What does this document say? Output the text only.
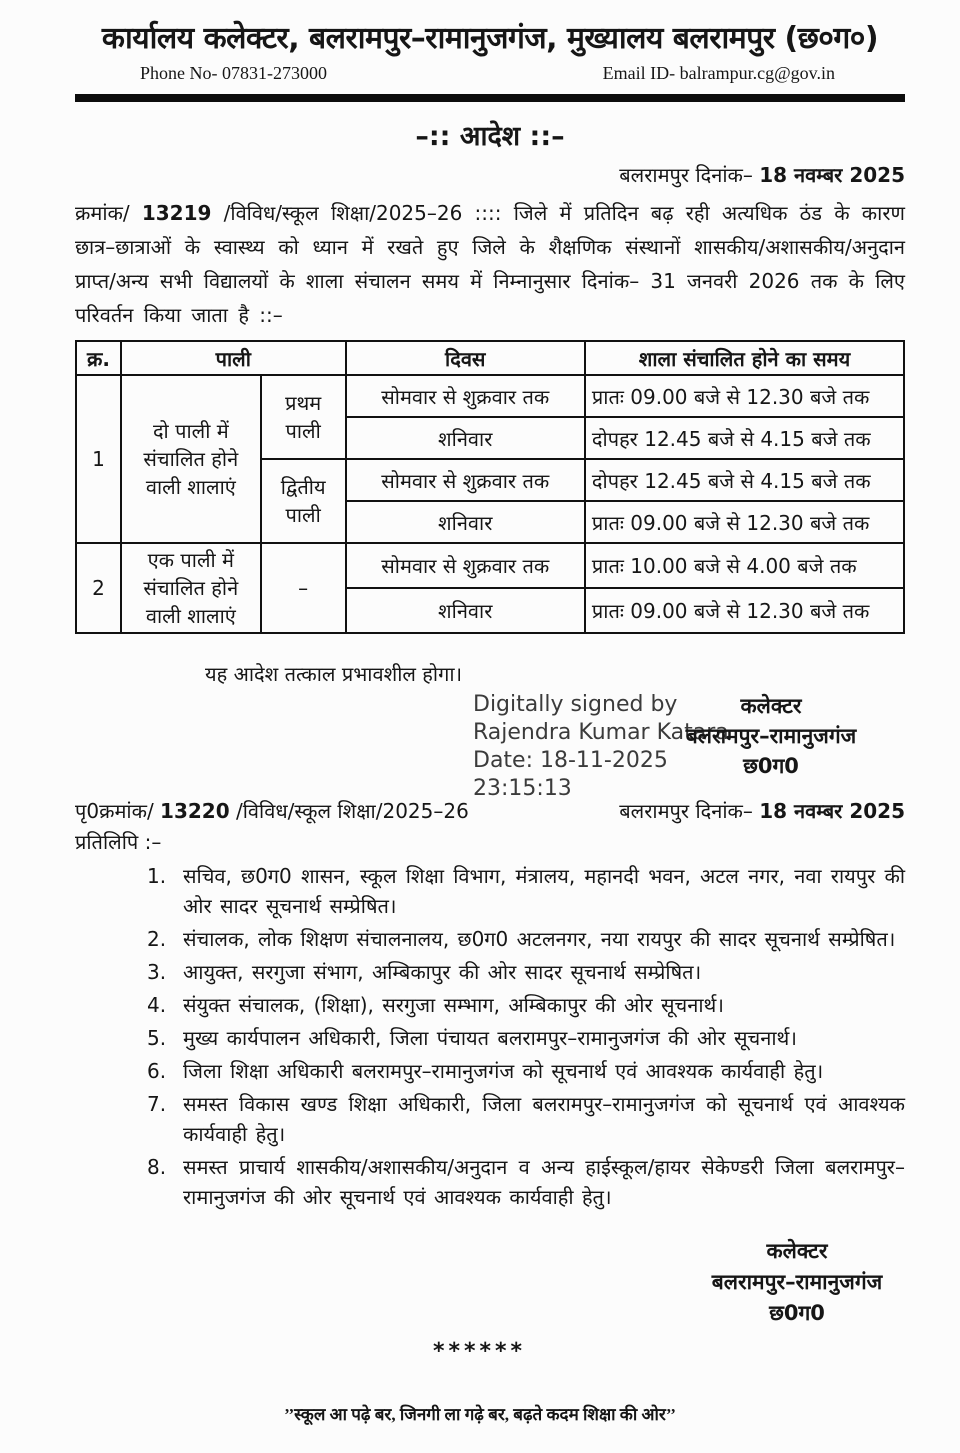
कार्यालय कलेक्टर, बलरामपुर–रामानुजगंज, मुख्यालय बलरामपुर (छ०ग०)
Phone No- 07831-273000	Email ID- balrampur.cg@gov.in
–:: आदेश ::–
बलरामपुर दिनांक– 18 नवम्बर 2025

क्रमांक/ 13219 /विविध/स्कूल शिक्षा/2025–26 :::: जिले में प्रतिदिन बढ़ रही अत्यधिक ठंड के कारण छात्र–छात्राओं के स्वास्थ्य को ध्यान में रखते हुए जिले के शैक्षणिक संस्थानों शासकीय/अशासकीय/अनुदान प्राप्त/अन्य सभी विद्यालयों के शाला संचालन समय में निम्नानुसार दिनांक– 31 जनवरी 2026 तक के लिए परिवर्तन किया जाता है ::–

क्र.	पाली		दिवस	शाला संचालित होने का समय
1	दो पाली में संचालित होने वाली शालाएं	प्रथम पाली	सोमवार से शुक्रवार तक	प्रातः 09.00 बजे से 12.30 बजे तक
			शनिवार	दोपहर 12.45 बजे से 4.15 बजे तक
		द्वितीय पाली	सोमवार से शुक्रवार तक	दोपहर 12.45 बजे से 4.15 बजे तक
			शनिवार	प्रातः 09.00 बजे से 12.30 बजे तक
2	एक पाली में संचालित होने वाली शालाएं	–	सोमवार से शुक्रवार तक	प्रातः 10.00 बजे से 4.00 बजे तक
			शनिवार	प्रातः 09.00 बजे से 12.30 बजे तक
यह आदेश तत्काल प्रभावशील होगा।
Digitally signed by
Rajendra Kumar Katara
Date: 18-11-2025
23:15:13
कलेक्टर
बलरामपुर–रामानुजगंज
छ0ग0
पृ0क्रमांक/ 13220 /विविध/स्कूल शिक्षा/2025–26	बलरामपुर दिनांक– 18 नवम्बर 2025
प्रतिलिपि :–
1. सचिव, छ0ग0 शासन, स्कूल शिक्षा विभाग, मंत्रालय, महानदी भवन, अटल नगर, नवा रायपुर की ओर सादर सूचनार्थ सम्प्रेषित।
2. संचालक, लोक शिक्षण संचालनालय, छ0ग0 अटलनगर, नया रायपुर की सादर सूचनार्थ सम्प्रेषित।
3. आयुक्त, सरगुजा संभाग, अम्बिकापुर की ओर सादर सूचनार्थ सम्प्रेषित।
4. संयुक्त संचालक, (शिक्षा), सरगुजा सम्भाग, अम्बिकापुर की ओर सूचनार्थ।
5. मुख्य कार्यपालन अधिकारी, जिला पंचायत बलरामपुर–रामानुजगंज की ओर सूचनार्थ।
6. जिला शिक्षा अधिकारी बलरामपुर–रामानुजगंज को सूचनार्थ एवं आवश्यक कार्यवाही हेतु।
7. समस्त विकास खण्ड शिक्षा अधिकारी, जिला बलरामपुर–रामानुजगंज को सूचनार्थ एवं आवश्यक कार्यवाही हेतु।
8. समस्त प्राचार्य शासकीय/अशासकीय/अनुदान व अन्य हाईस्कूल/हायर सेकेण्डरी जिला बलरामपुर– रामानुजगंज की ओर सूचनार्थ एवं आवश्यक कार्यवाही हेतु।
कलेक्टर
बलरामपुर–रामानुजगंज
छ0ग0
******
’’स्कूल आ पढ़े बर, जिनगी ला गढ़े बर, बढ़ते कदम शिक्षा की ओर’’
